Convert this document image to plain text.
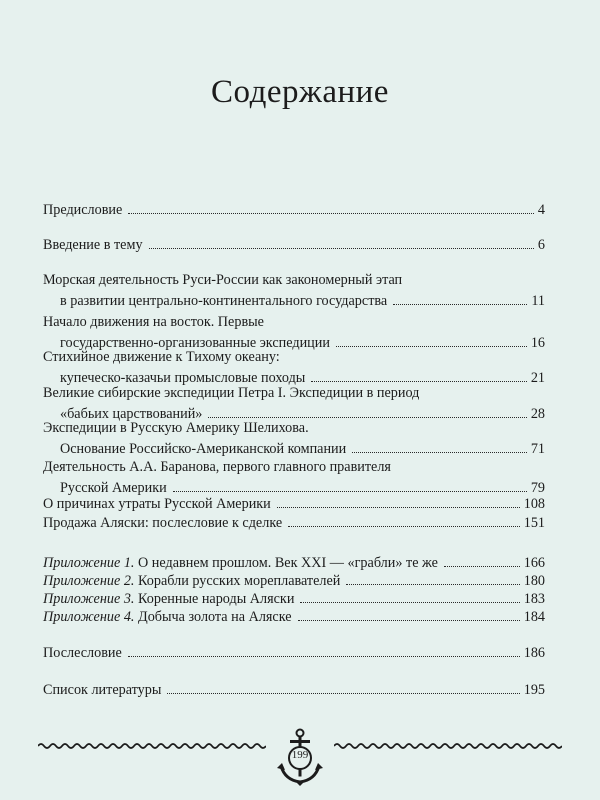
Содержание
Предисловие	4
Введение в тему	6
Морская деятельность Руси-России как закономерный этап
в развитии центрально-континентального государства	11
Начало движения на восток. Первые
государственно-организованные экспедиции	16
Стихийное движение к Тихому океану:
купеческо-казачьи промысловые походы	21
Великие сибирские экспедиции Петра I. Экспедиции в период
«бабьих царствований»	28
Экспедиции в Русскую Америку Шелихова.
Основание Российско-Американской компании	71
Деятельность А.А. Баранова, первого главного правителя
Русской Америки	79
О причинах утраты Русской Америки	108
Продажа Аляски: послесловие к сделке	151
Приложение 1. О недавнем прошлом. Век XXI — «грабли» те же	166
Приложение 2. Корабли русских мореплавателей	180
Приложение 3. Коренные народы Аляски	183
Приложение 4. Добыча золота на Аляске	184
Послесловие	186
Список литературы	195
199
